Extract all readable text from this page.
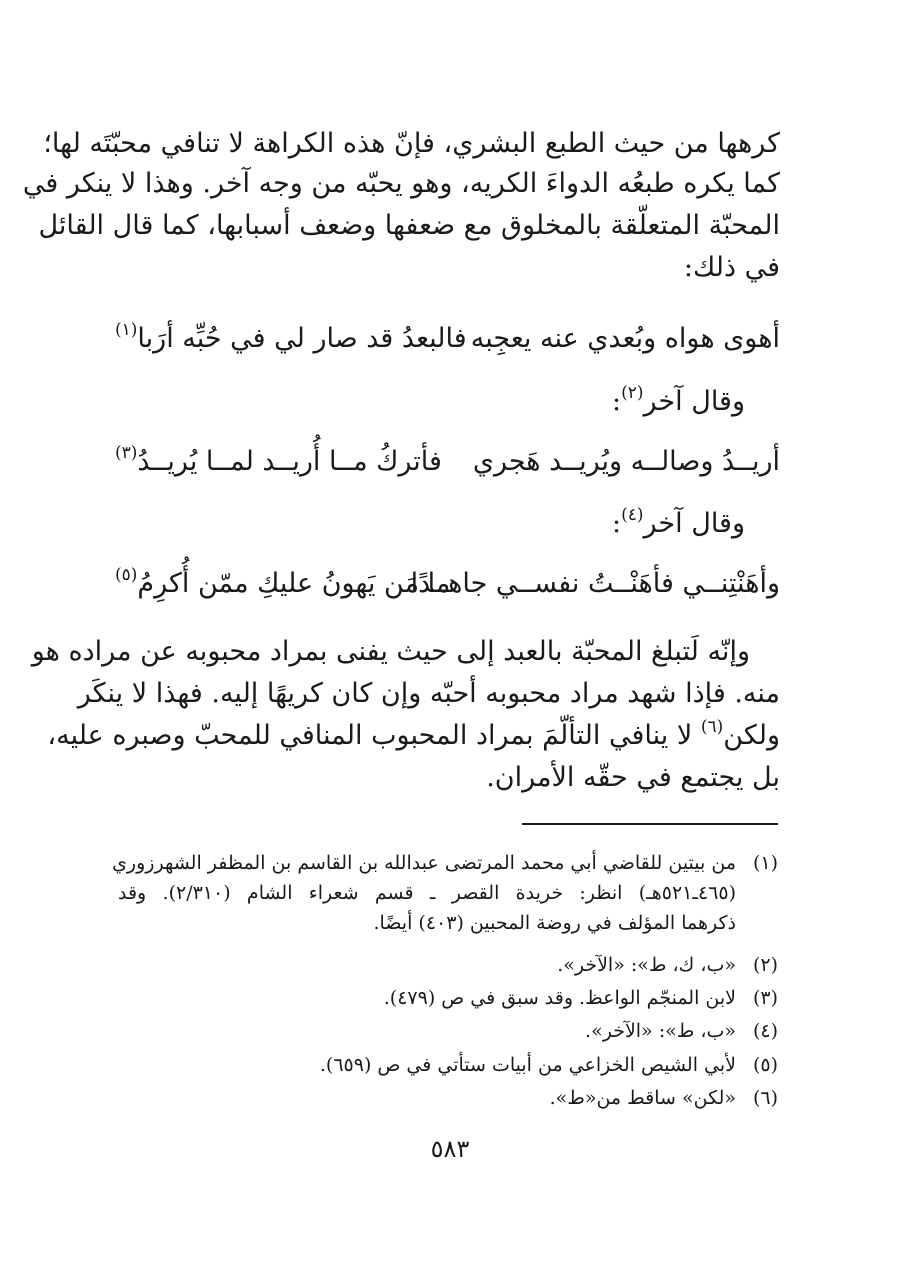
كرهها من حيث الطبع البشري، فإنّ هذه الكراهة لا تنافي محبّتَه لها؛
كما يكره طبعُه الدواءَ الكريه، وهو يحبّه من وجه آخر. وهذا لا ينكر في
المحبّة المتعلّقة بالمخلوق مع ضعفها وضعف أسبابها، كما قال القائل
في ذلك:
أهوى هواه وبُعدي عنه يعجِبه
فالبعدُ قد صار لي في حُبِّه أرَبا$^{(١)}$
وقال آخر$^{(٢)}$:
أريــدُ وصالــه ويُريــد هَجري
فأتركُ مــا أُريــد لمــا يُريــدُ$^{(٣)}$
وقال آخر$^{(٤)}$:
وأهَنْتِنــي فأهَنْــتُ نفســي جاهــدًا
ما مَن يَهونُ عليكِ ممّن أُكرِمُ$^{(٥)}$
وإنّه لَتبلغ المحبّة بالعبد إلى حيث يفنى بمراد محبوبه عن مراده هو
منه. فإذا شهد مراد محبوبه أحبّه وإن كان كريهًا إليه. فهذا لا ينكَر
ولكن$^{(٦)}$ لا ينافي التألّمَ بمراد المحبوب المنافي للمحبّ وصبره عليه،
بل يجتمع في حقّه الأمران.
(١)
من بيتين للقاضي أبي محمد المرتضى عبدالله بن القاسم بن المظفر الشهرزوري
(٤٦٥ـ٥٢١هـ) انظر: خريدة القصر ـ قسم شعراء الشام (٢/٣١٠). وقد
ذكرهما المؤلف في روضة المحبين (٤٠٣) أيضًا.
(٢)
«ب، ك، ط»: «الآخر».
(٣)
لابن المنجّم الواعظ. وقد سبق في ص (٤٧٩).
(٤)
«ب، ط»: «الآخر».
(٥)
لأبي الشيص الخزاعي من أبيات ستأتي في ص (٦٥٩).
(٦)
«لكن» ساقط من«ط».
٥٨٣
